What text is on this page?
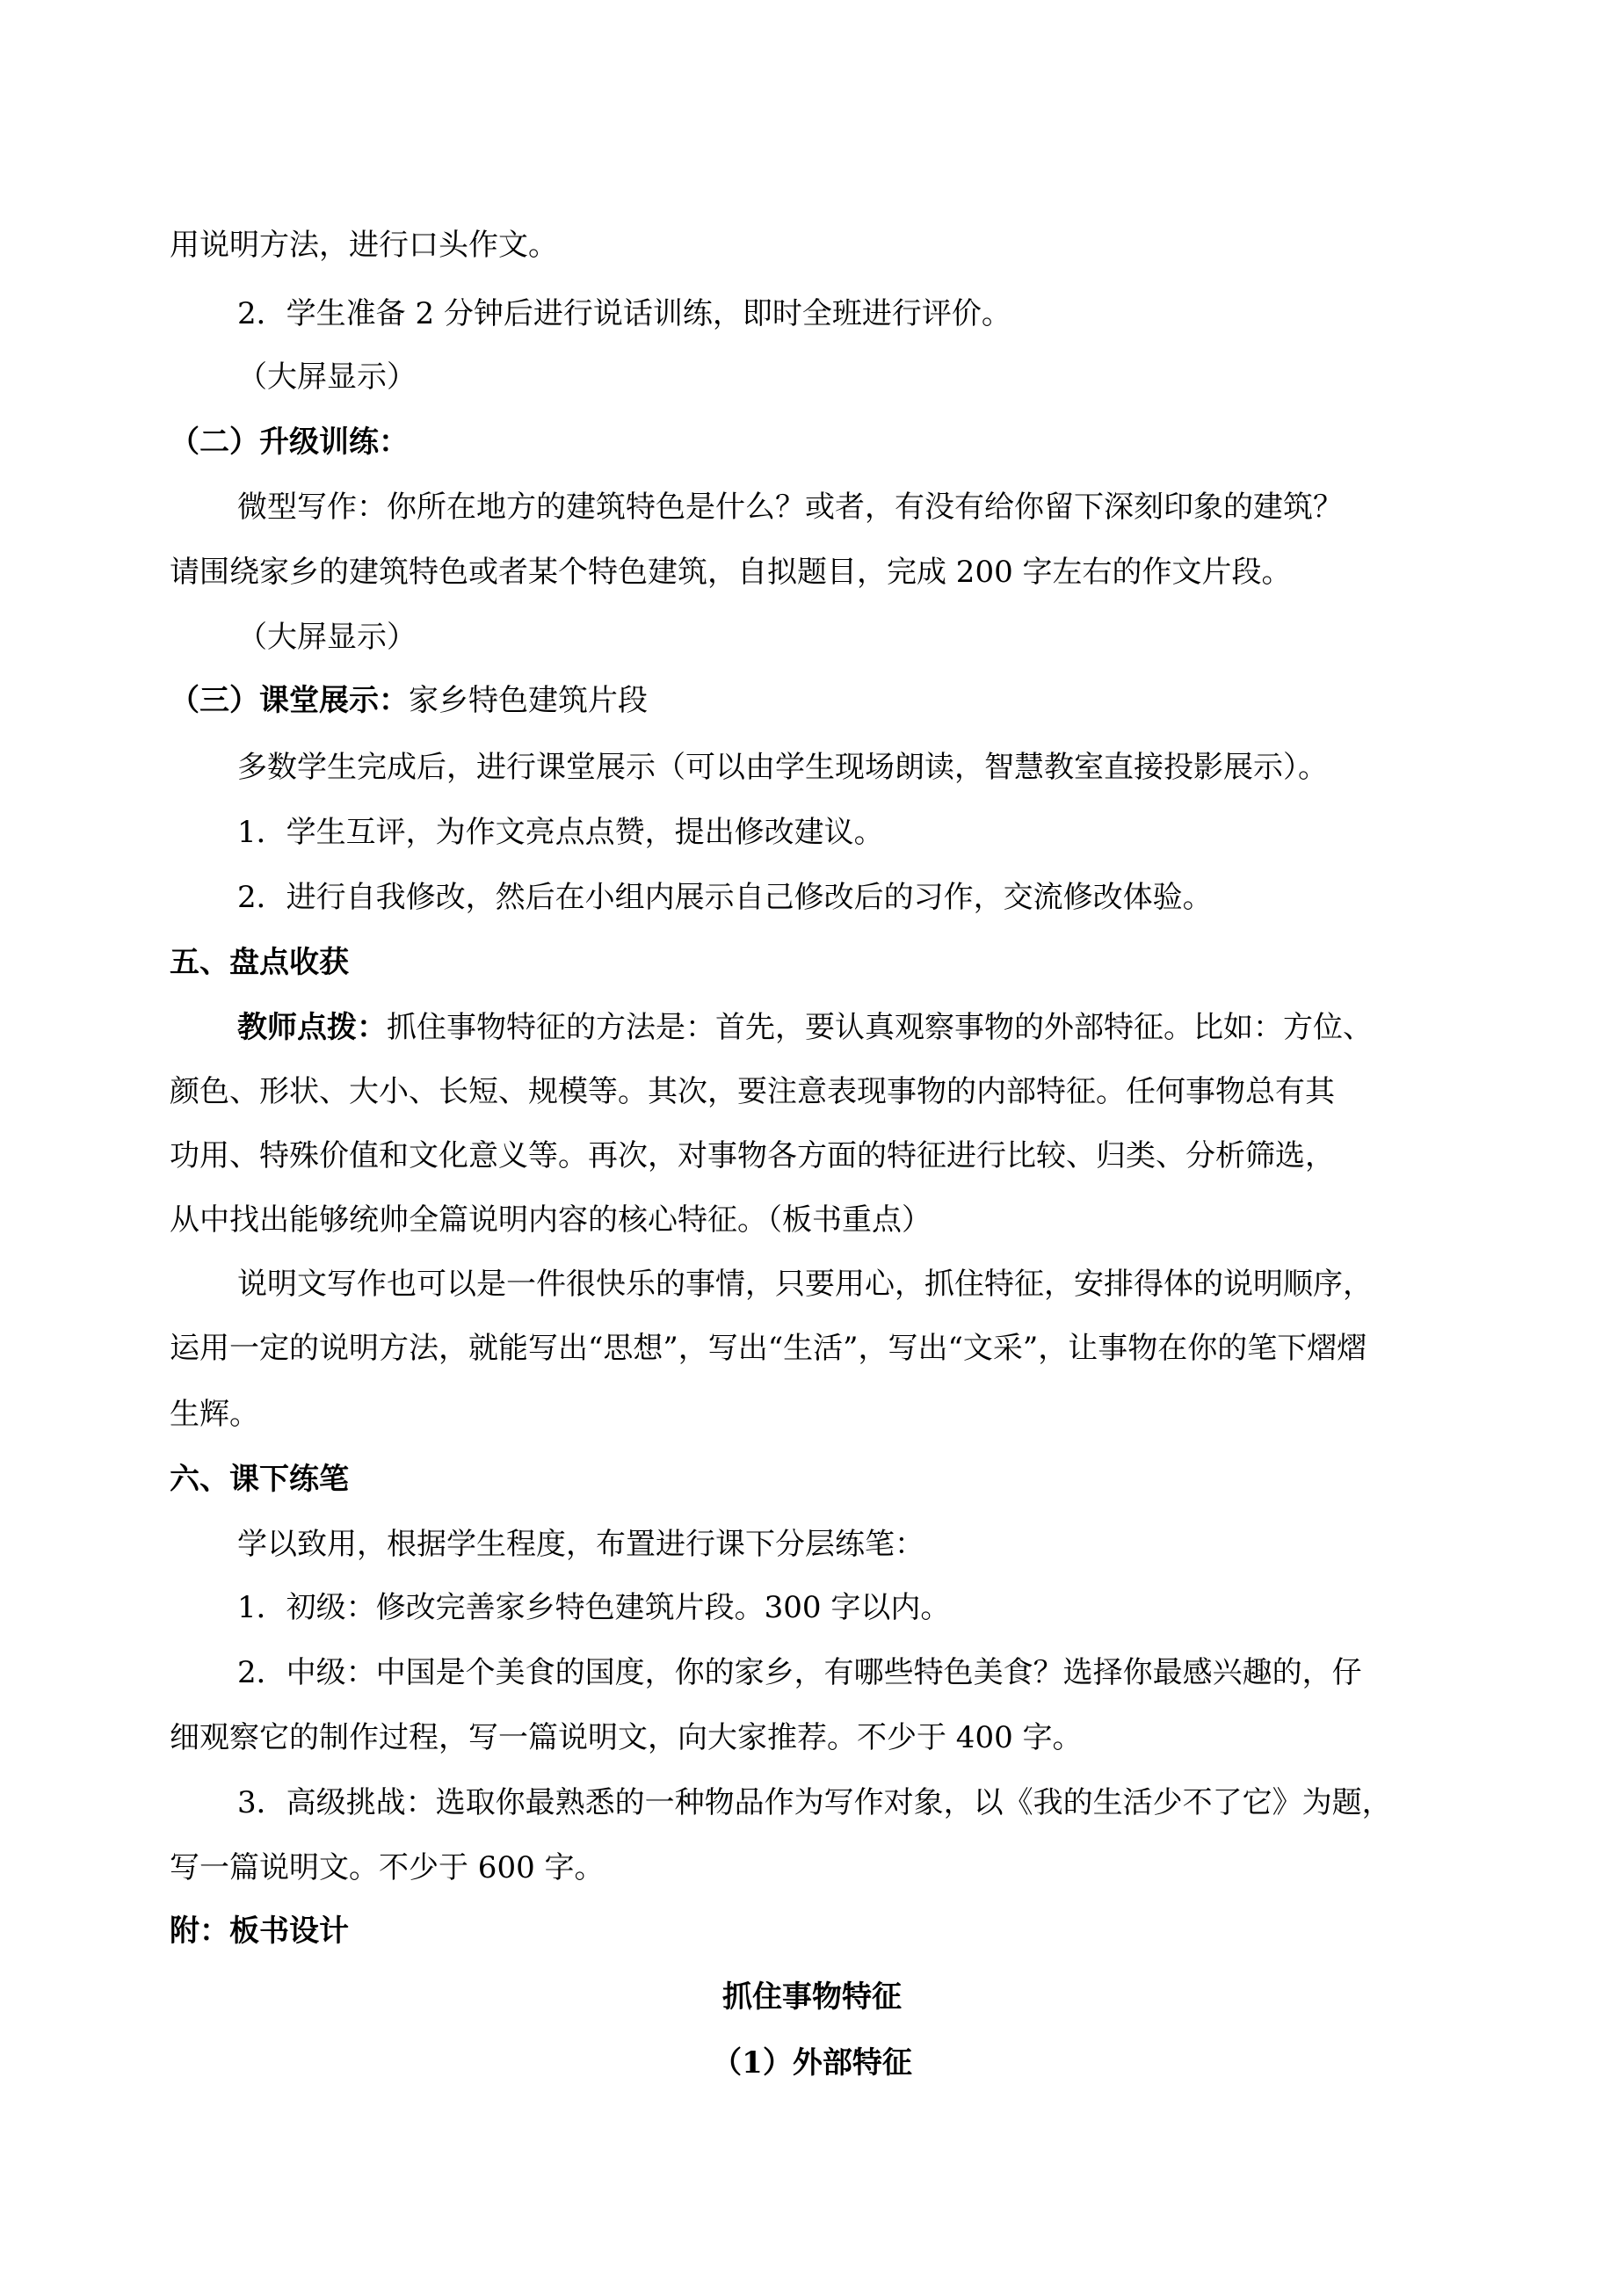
用说明方法，进行口头作文。
2．学生准备 2 分钟后进行说话训练，即时全班进行评价。
（大屏显示）
（二）升级训练：
微型写作：你所在地方的建筑特色是什么？或者，有没有给你留下深刻印象的建筑？
请围绕家乡的建筑特色或者某个特色建筑，自拟题目，完成 200 字左右的作文片段。
（大屏显示）
（三）课堂展示：家乡特色建筑片段
多数学生完成后，进行课堂展示（可以由学生现场朗读，智慧教室直接投影展示）。
1．学生互评，为作文亮点点赞，提出修改建议。
2．进行自我修改，然后在小组内展示自己修改后的习作，交流修改体验。
五、盘点收获
教师点拨：抓住事物特征的方法是：首先，要认真观察事物的外部特征。比如：方位、
颜色、形状、大小、长短、规模等。其次，要注意表现事物的内部特征。任何事物总有其
功用、特殊价值和文化意义等。再次，对事物各方面的特征进行比较、归类、分析筛选，
从中找出能够统帅全篇说明内容的核心特征。（板书重点）
说明文写作也可以是一件很快乐的事情，只要用心，抓住特征，安排得体的说明顺序，
运用一定的说明方法，就能写出“思想”，写出“生活”，写出“文采”，让事物在你的笔下熠熠
生辉。
六、课下练笔
学以致用，根据学生程度，布置进行课下分层练笔：
1．初级：修改完善家乡特色建筑片段。300 字以内。
2．中级：中国是个美食的国度，你的家乡，有哪些特色美食？选择你最感兴趣的，仔
细观察它的制作过程，写一篇说明文，向大家推荐。不少于 400 字。
3．高级挑战：选取你最熟悉的一种物品作为写作对象，以《我的生活少不了它》为题，
写一篇说明文。不少于 600 字。
附：板书设计
抓住事物特征
（1）外部特征
